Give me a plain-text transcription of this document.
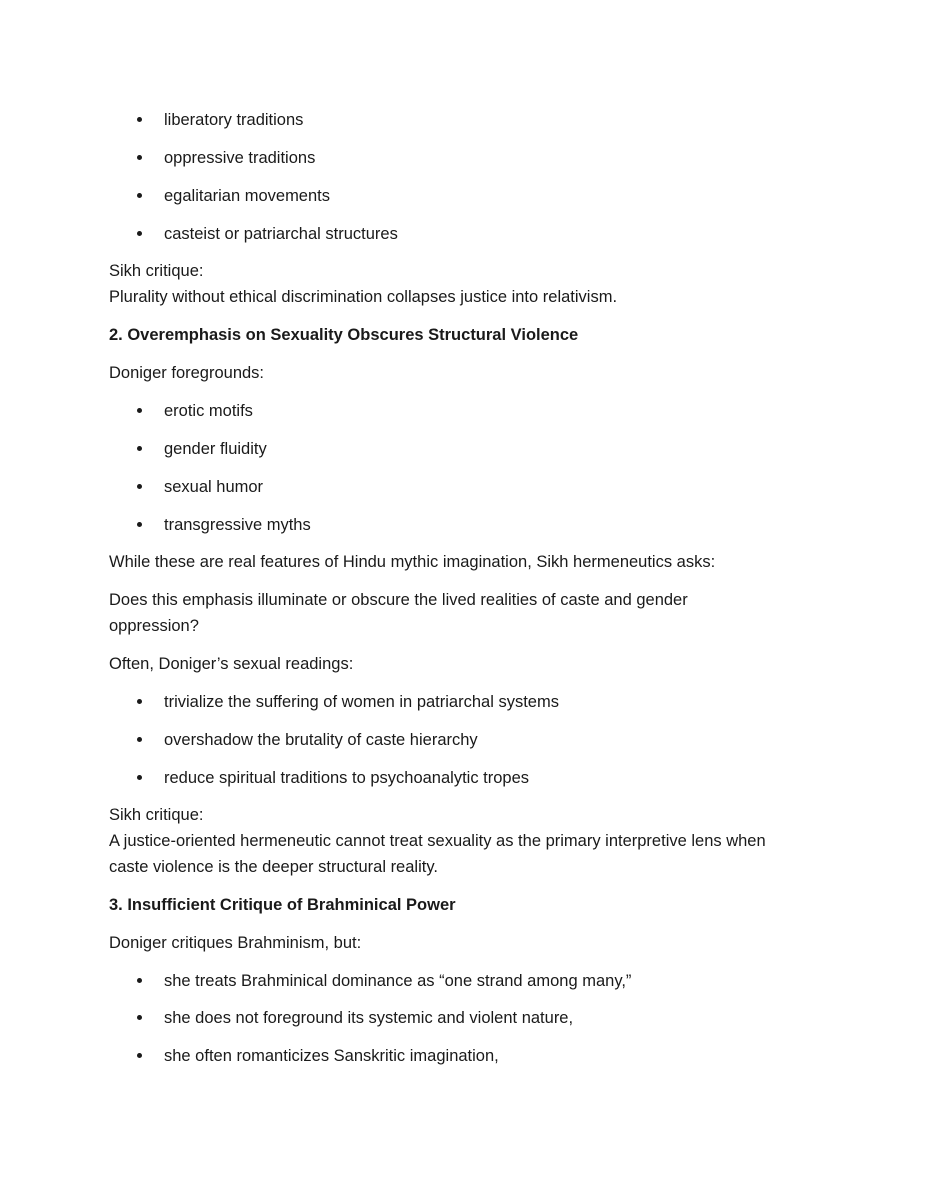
liberatory traditions
oppressive traditions
egalitarian movements
casteist or patriarchal structures
Sikh critique:
Plurality without ethical discrimination collapses justice into relativism.
2. Overemphasis on Sexuality Obscures Structural Violence
Doniger foregrounds:
erotic motifs
gender fluidity
sexual humor
transgressive myths
While these are real features of Hindu mythic imagination, Sikh hermeneutics asks:
Does this emphasis illuminate or obscure the lived realities of caste and gender
oppression?
Often, Doniger’s sexual readings:
trivialize the suffering of women in patriarchal systems
overshadow the brutality of caste hierarchy
reduce spiritual traditions to psychoanalytic tropes
Sikh critique:
A justice-oriented hermeneutic cannot treat sexuality as the primary interpretive lens when
caste violence is the deeper structural reality.
3. Insufficient Critique of Brahminical Power
Doniger critiques Brahminism, but:
she treats Brahminical dominance as “one strand among many,”
she does not foreground its systemic and violent nature,
she often romanticizes Sanskritic imagination,
